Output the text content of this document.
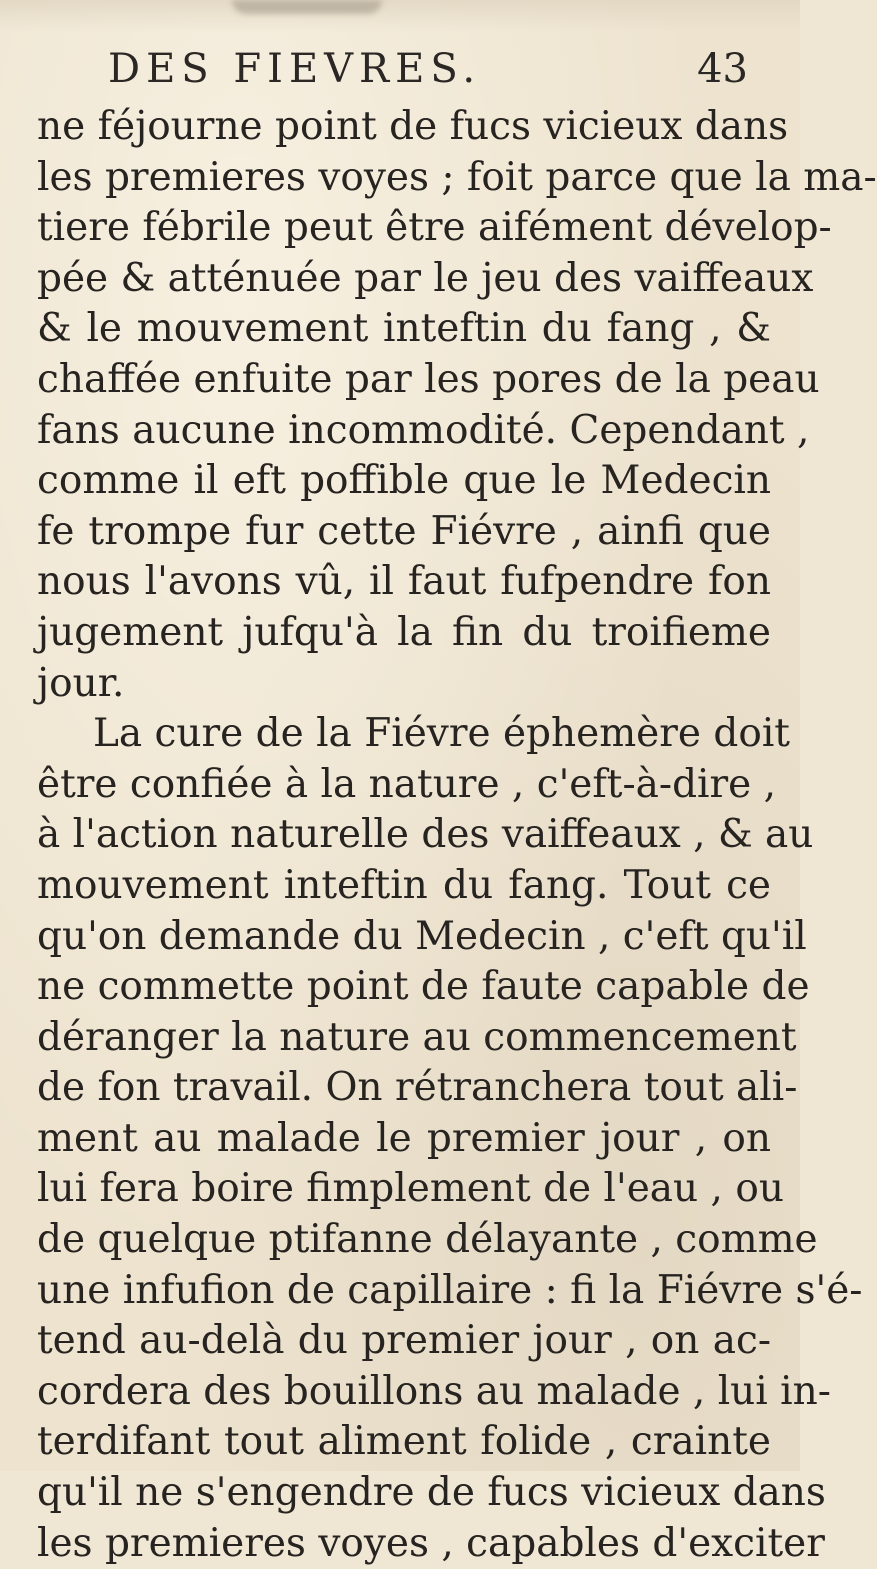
DES FIEVRES.	43
ne féjourne point de fucs vicieux dans
les premieres voyes ; foit parce que la ma-
tiere fébrile peut être aifément dévelop-
pée & atténuée par le jeu des vaiffeaux
& le mouvement inteftin du fang , &
chaffée enfuite par les pores de la peau
fans aucune incommodité. Cependant ,
comme il eft poffible que le Medecin
fe trompe fur cette Fiévre , ainfi que
nous l'avons vû, il faut fufpendre fon
jugement jufqu'à la fin du troifieme
jour.
La cure de la Fiévre éphemère doit
être confiée à la nature , c'eft-à-dire ,
à l'action naturelle des vaiffeaux , & au
mouvement inteftin du fang. Tout ce
qu'on demande du Medecin , c'eft qu'il
ne commette point de faute capable de
déranger la nature au commencement
de fon travail. On rétranchera tout ali-
ment au malade le premier jour , on
lui fera boire fimplement de l'eau , ou
de quelque ptifanne délayante , comme
une infufion de capillaire : fi la Fiévre s'é-
tend au-delà du premier jour , on ac-
cordera des bouillons au malade , lui in-
terdifant tout aliment folide , crainte
qu'il ne s'engendre de fucs vicieux dans
les premieres voyes , capables d'exciter
